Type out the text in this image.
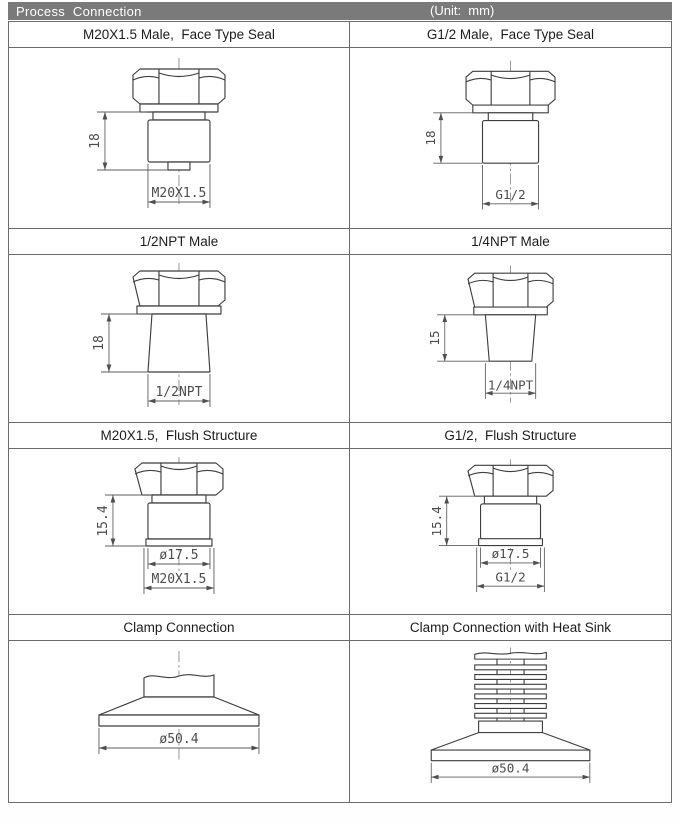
Process  Connection	(Unit:  mm)
M20X1.5 Male,  Face Type Seal	G1/2 Male,  Face Type Seal
18
M20X1.5
18
G1/2
1/2NPT Male	1/4NPT Male
18
1/2NPT
15
1/4NPT
M20X1.5,  Flush Structure	G1/2,  Flush Structure
15.4
ø17.5
M20X1.5
15.4
ø17.5
G1/2
Clamp Connection	Clamp Connection with Heat Sink
ø50.4
ø50.4
